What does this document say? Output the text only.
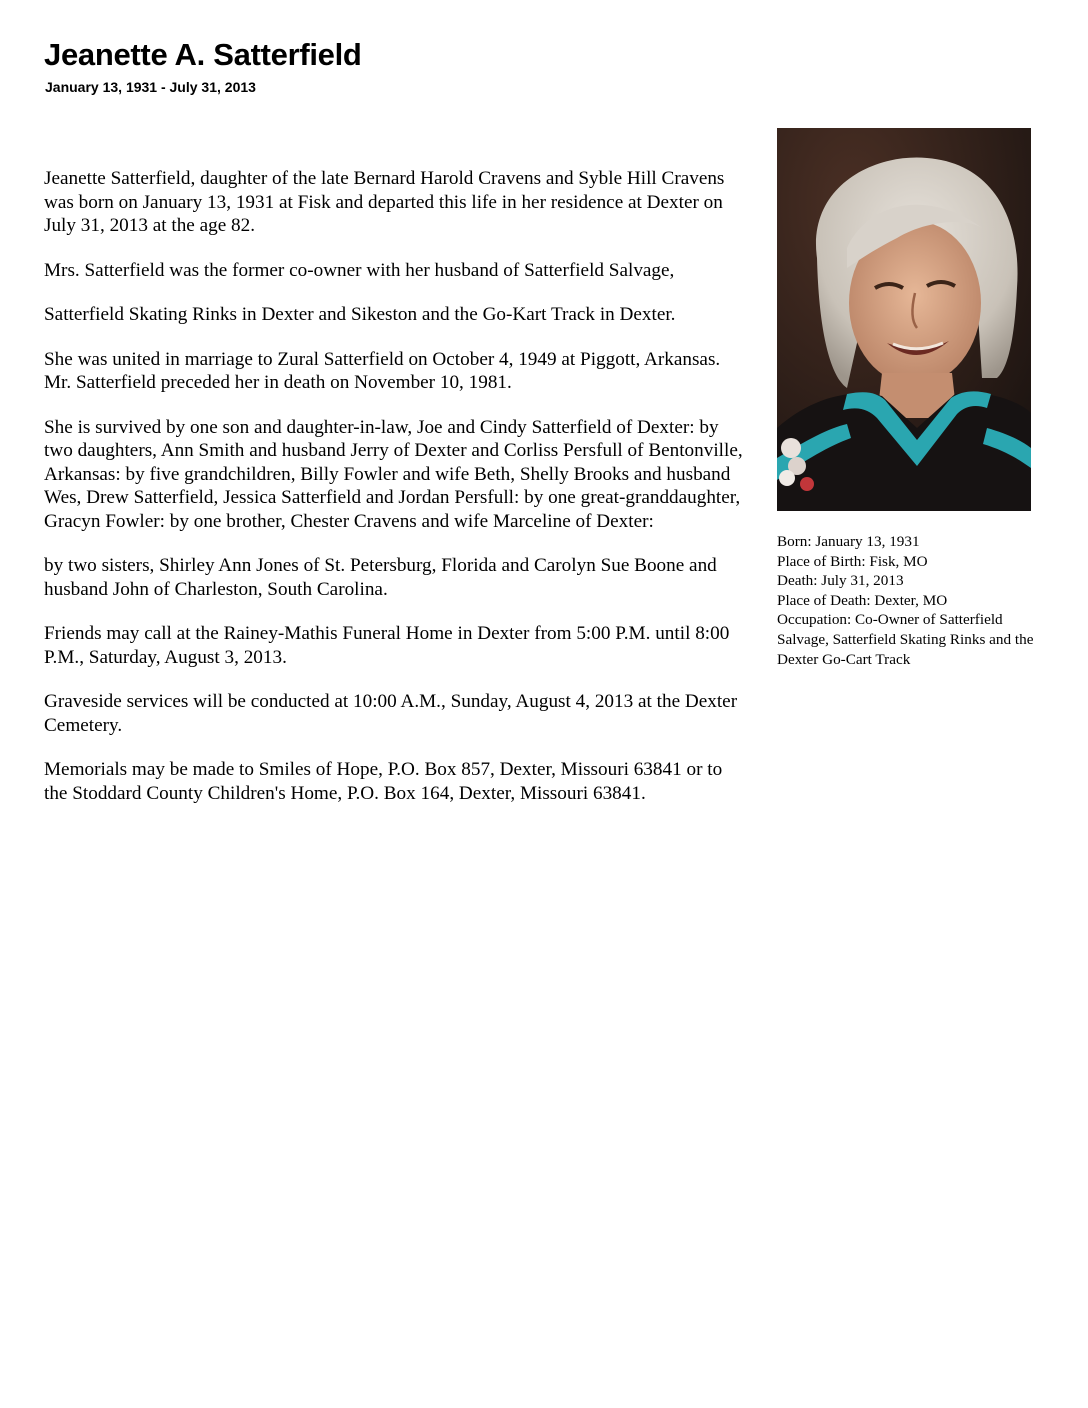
Jeanette A. Satterfield
January 13, 1931 - July 31, 2013

Jeanette Satterfield, daughter of the late Bernard Harold Cravens and Syble Hill Cravens was born on January 13, 1931 at Fisk and departed this life in her residence at Dexter on July 31, 2013 at the age 82.

Mrs. Satterfield was the former co-owner with her husband of Satterfield Salvage,

Satterfield Skating Rinks in Dexter and Sikeston and the Go-Kart Track in Dexter.

She was united in marriage to Zural Satterfield on October 4, 1949 at Piggott, Arkansas. Mr. Satterfield preceded her in death on November 10, 1981.

She is survived by one son and daughter-in-law, Joe and Cindy Satterfield of Dexter: by two daughters, Ann Smith and husband Jerry of Dexter and Corliss Persfull of Bentonville, Arkansas: by five grandchildren, Billy Fowler and wife Beth, Shelly Brooks and husband Wes, Drew Satterfield, Jessica Satterfield and Jordan Persfull: by one great-granddaughter, Gracyn Fowler: by one brother, Chester Cravens and wife Marceline of Dexter:

by two sisters, Shirley Ann Jones of St. Petersburg, Florida and Carolyn Sue Boone and husband John of Charleston, South Carolina.

Friends may call at the Rainey-Mathis Funeral Home in Dexter from 5:00 P.M. until 8:00 P.M., Saturday, August 3, 2013.

Graveside services will be conducted at 10:00 A.M., Sunday, August 4, 2013 at the Dexter Cemetery.

Memorials may be made to Smiles of Hope, P.O. Box 857, Dexter, Missouri 63841 or to the Stoddard County Children's Home, P.O. Box 164, Dexter, Missouri 63841.

Born: January 13, 1931
Place of Birth: Fisk, MO
Death: July 31, 2013
Place of Death: Dexter, MO
Occupation: Co-Owner of Satterfield Salvage, Satterfield Skating Rinks and the Dexter Go-Cart Track
